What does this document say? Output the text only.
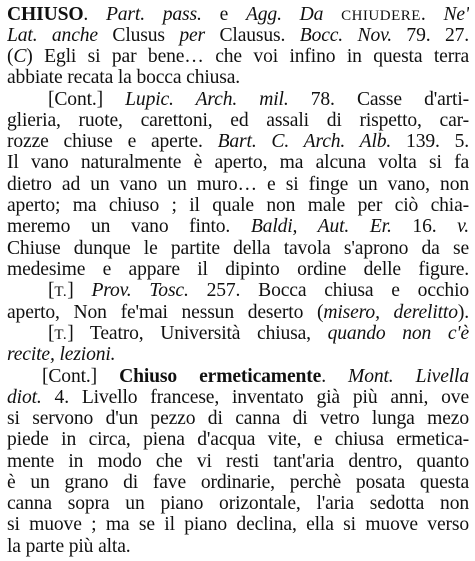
CHIUSO. Part. pass. e Agg. Da CHIUDERE. Ne'
Lat. anche Clusus per Clausus. Bocc. Nov. 79. 27.
(C) Egli si par bene… che voi infino in questa terra
abbiate recata la bocca chiusa.
[Cont.] Lupic. Arch. mil. 78. Casse d'arti-
glieria, ruote, carettoni, ed assali di rispetto, car-
rozze chiuse e aperte. Bart. C. Arch. Alb. 139. 5.
Il vano naturalmente è aperto, ma alcuna volta si fa
dietro ad un vano un muro… e si finge un vano, non
aperto; ma chiuso ; il quale non male per ciò chia-
meremo un vano finto. Baldi, Aut. Er. 16. v.
Chiuse dunque le partite della tavola s'aprono da se
medesime e appare il dipinto ordine delle figure.
[T.] Prov. Tosc. 257. Bocca chiusa e occhio
aperto, Non fe'mai nessun deserto (misero, derelitto).
[T.] Teatro, Università chiusa, quando non c'è
recite, lezioni.
[Cont.] Chiuso ermeticamente. Mont. Livella
diot. 4. Livello francese, inventato già più anni, ove
si servono d'un pezzo di canna di vetro lunga mezo
piede in circa, piena d'acqua vite, e chiusa ermetica-
mente in modo che vi resti tant'aria dentro, quanto
è un grano di fave ordinarie, perchè posata questa
canna sopra un piano orizontale, l'aria sedotta non
si muove ; ma se il piano declina, ella si muove verso
la parte più alta.
